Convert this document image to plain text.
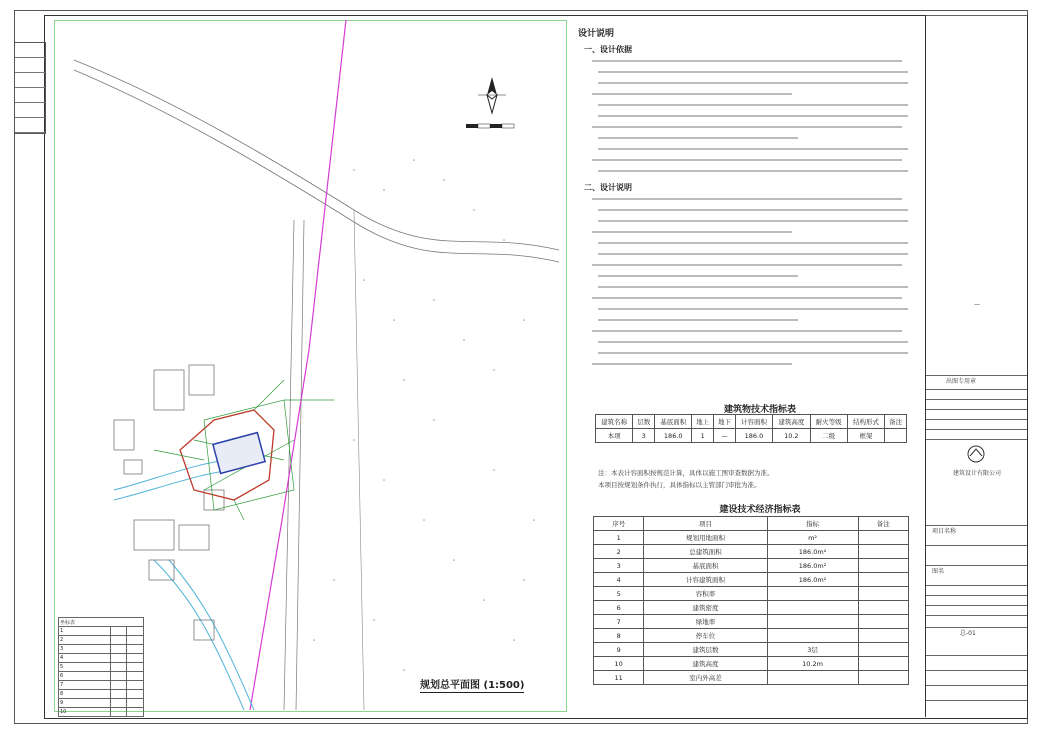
规划总平面图 (1:500)
坐标表		
1		
2		
3		
4		
5		
6		
7		
8		
9		
10		
设计说明
一、设计依据
二、设计说明
建筑物技术指标表
建筑名称	层数	基底面积	地上	地下	计容面积	建筑高度	耐火等级	结构形式	备注
本项	3	186.0	1	—	186.0	10.2	二级	框架	
注：本表计容面积按规范计算，具体以施工图审查数据为准。
本项目按规划条件执行，具体指标以主管部门审批为准。
建设技术经济指标表
序号	项目	指标	备注
1	规划用地面积	m²	
2	总建筑面积	186.0m²	
3	基底面积	186.0m²	
4	计容建筑面积	186.0m²	
5	容积率		
6	建筑密度		
7	绿地率		
8	停车位		
9	建筑层数	3层	
10	建筑高度	10.2m	
11	室内外高差		
—
出图专用章
建筑设计有限公司
项目名称
图名
总-01
